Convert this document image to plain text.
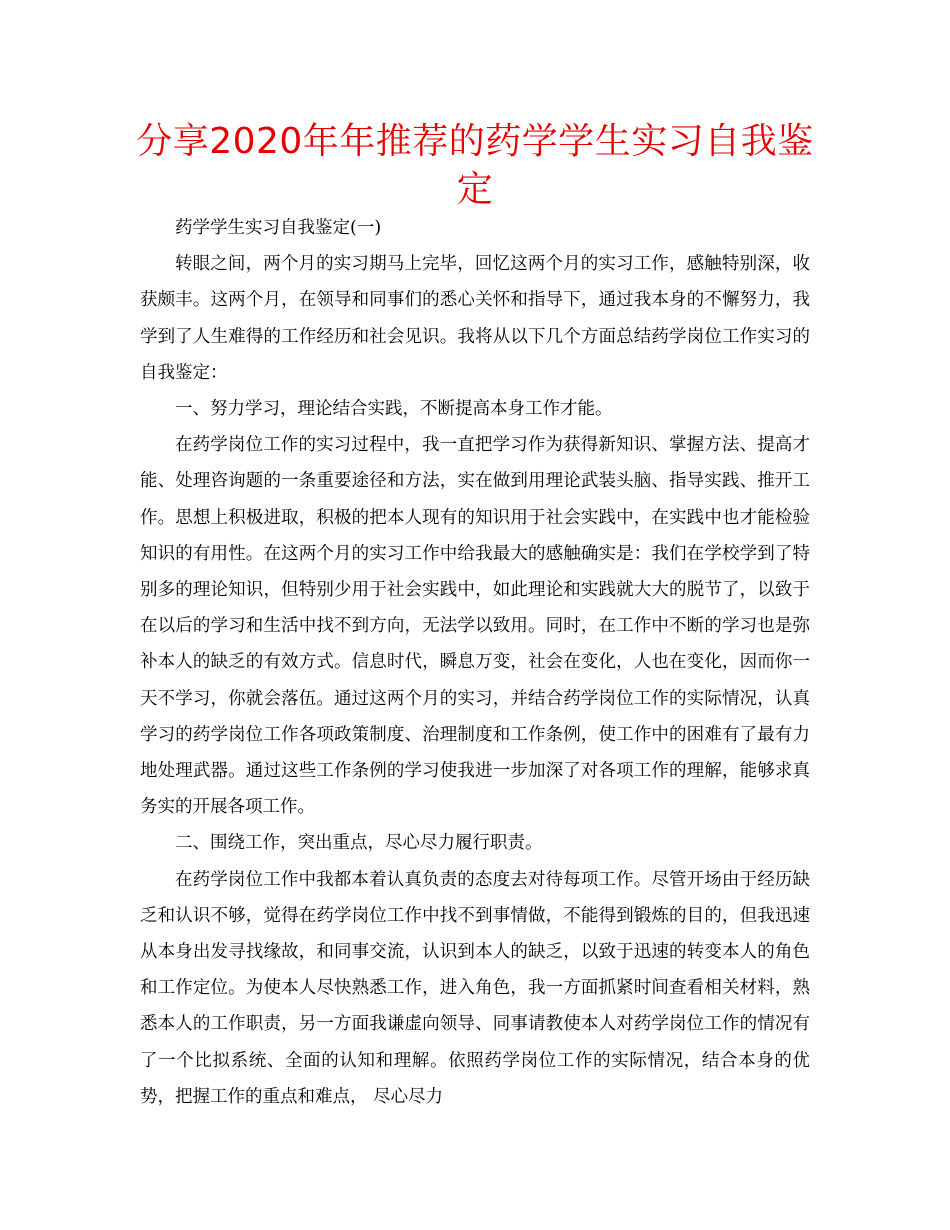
分享2020年年推荐的药学学生实习自我鉴定

药学学生实习自我鉴定(一)

转眼之间，两个月的实习期马上完毕，回忆这两个月的实习工作，感触特别深，收获颇丰。这两个月，在领导和同事们的悉心关怀和指导下，通过我本身的不懈努力，我学到了人生难得的工作经历和社会见识。我将从以下几个方面总结药学岗位工作实习的自我鉴定：

一、努力学习，理论结合实践，不断提高本身工作才能。

在药学岗位工作的实习过程中，我一直把学习作为获得新知识、掌握方法、提高才能、处理咨询题的一条重要途径和方法，实在做到用理论武装头脑、指导实践、推开工作。思想上积极进取，积极的把本人现有的知识用于社会实践中，在实践中也才能检验知识的有用性。在这两个月的实习工作中给我最大的感触确实是：我们在学校学到了特别多的理论知识，但特别少用于社会实践中，如此理论和实践就大大的脱节了，以致于在以后的学习和生活中找不到方向，无法学以致用。同时，在工作中不断的学习也是弥补本人的缺乏的有效方式。信息时代，瞬息万变，社会在变化，人也在变化，因而你一天不学习，你就会落伍。通过这两个月的实习，并结合药学岗位工作的实际情况，认真学习的药学岗位工作各项政策制度、治理制度和工作条例，使工作中的困难有了最有力地处理武器。通过这些工作条例的学习使我进一步加深了对各项工作的理解，能够求真务实的开展各项工作。

二、围绕工作，突出重点，尽心尽力履行职责。

在药学岗位工作中我都本着认真负责的态度去对待每项工作。尽管开场由于经历缺乏和认识不够，觉得在药学岗位工作中找不到事情做，不能得到锻炼的目的，但我迅速从本身出发寻找缘故，和同事交流，认识到本人的缺乏，以致于迅速的转变本人的角色和工作定位。为使本人尽快熟悉工作，进入角色，我一方面抓紧时间查看相关材料，熟悉本人的工作职责，另一方面我谦虚向领导、同事请教使本人对药学岗位工作的情况有了一个比拟系统、全面的认知和理解。依照药学岗位工作的实际情况，结合本身的优势，把握工作的重点和难点， 尽心尽力
